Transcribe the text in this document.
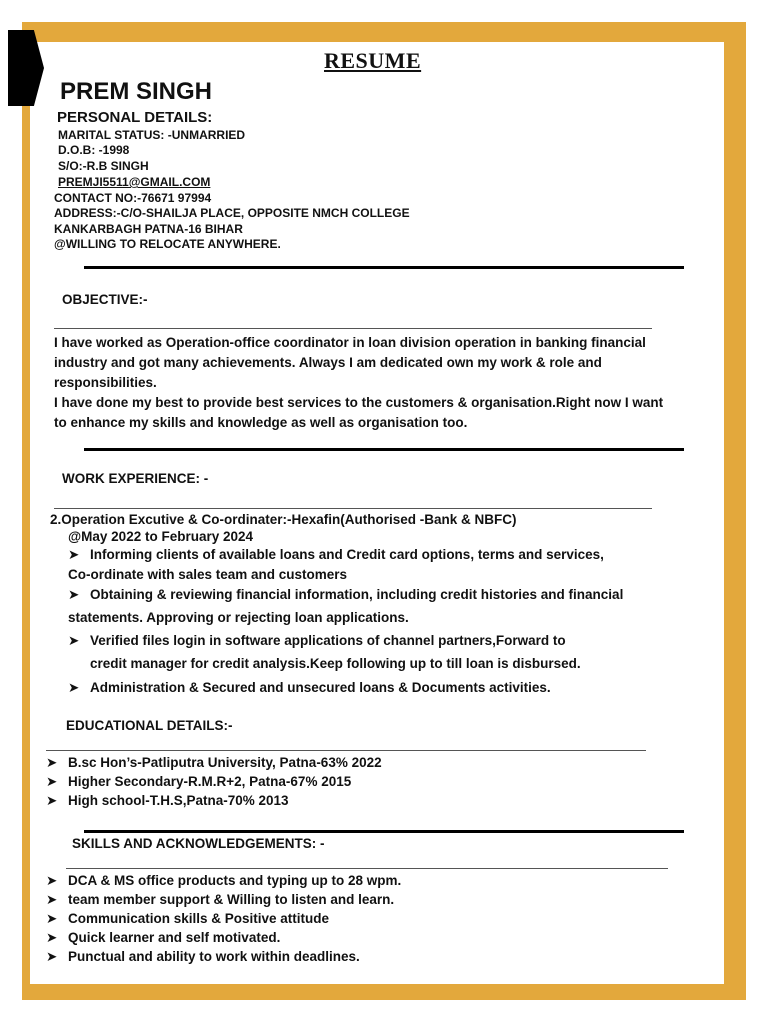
RESUME
PREM SINGH
PERSONAL DETAILS:
MARITAL STATUS: -UNMARRIED
D.O.B: -1998
S/O:-R.B SINGH
PREMJI5511@GMAIL.COM
CONTACT NO:-76671 97994
ADDRESS:-C/O-SHAILJA PLACE, OPPOSITE NMCH COLLEGE
KANKARBAGH PATNA-16 BIHAR
@WILLING TO RELOCATE ANYWHERE.
OBJECTIVE:-
I have worked as Operation-office coordinator in loan division operation in banking financial
industry and got many achievements. Always I am dedicated own my work & role and
responsibilities.
I have done my best to provide best services to the customers & organisation.Right now I want
to enhance my skills and knowledge as well as organisation too.
WORK EXPERIENCE: -
2.Operation Excutive & Co-ordinater:-Hexafin(Authorised -Bank & NBFC)
@May 2022 to February 2024
➤ Informing clients of available loans and Credit card options, terms and services,
Co-ordinate with sales team and customers
➤ Obtaining & reviewing financial information, including credit histories and financial
statements. Approving or rejecting loan applications.
➤ Verified files login in software applications of channel partners,Forward to
credit manager for credit analysis.Keep following up to till loan is disbursed.
➤ Administration & Secured and unsecured loans & Documents activities.
EDUCATIONAL DETAILS:-
➤ B.sc Hon’s-Patliputra University, Patna-63% 2022
➤ Higher Secondary-R.M.R+2, Patna-67% 2015
➤ High school-T.H.S,Patna-70% 2013
SKILLS AND ACKNOWLEDGEMENTS: -
➤ DCA & MS office products and typing up to 28 wpm.
➤ team member support & Willing to listen and learn.
➤ Communication skills & Positive attitude
➤ Quick learner and self motivated.
➤ Punctual and ability to work within deadlines.
